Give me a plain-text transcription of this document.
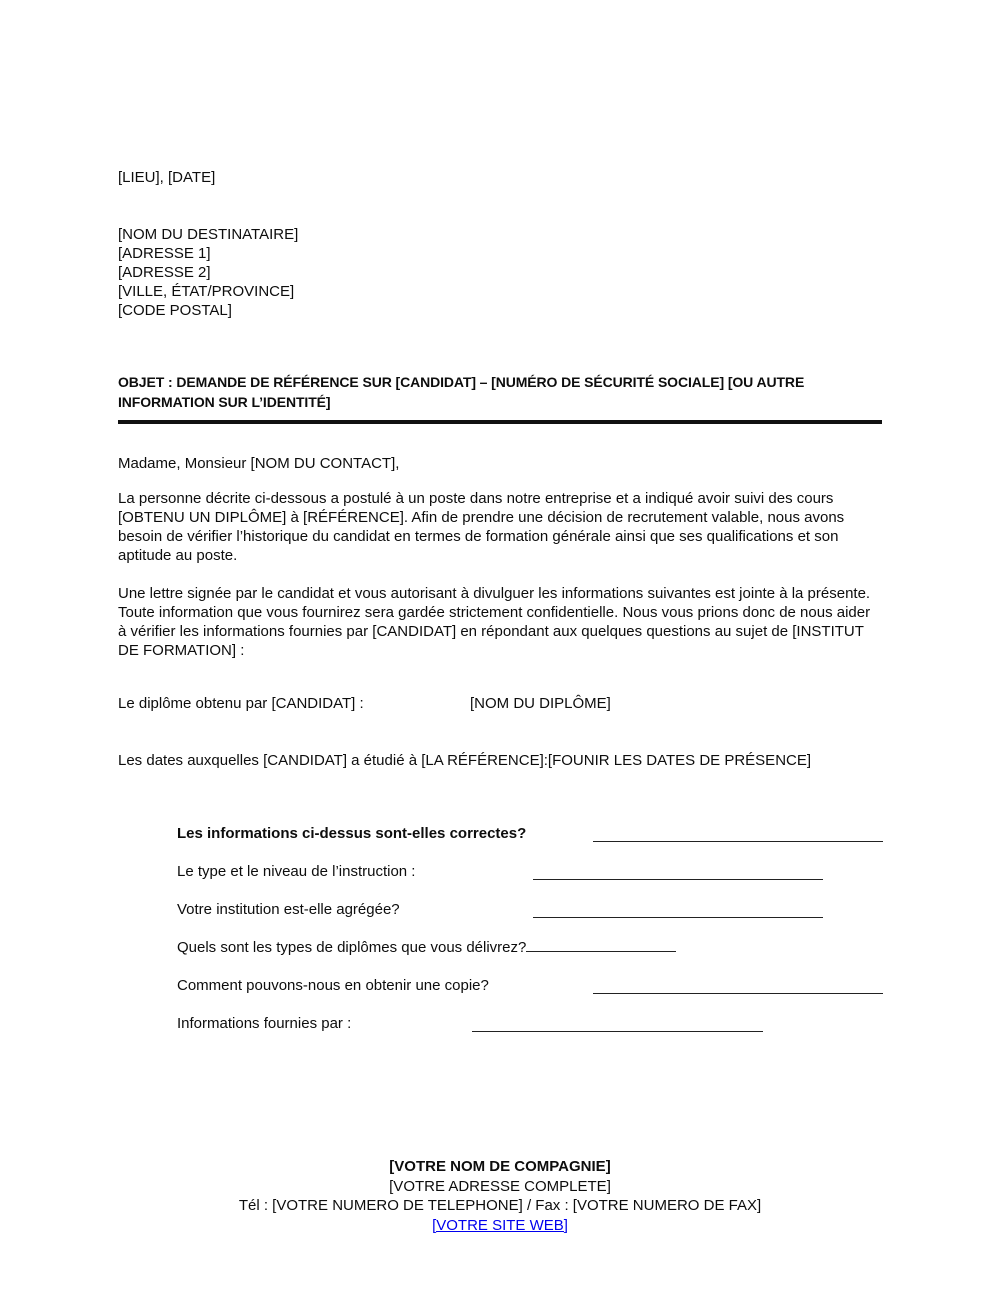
[LIEU], [DATE]
[NOM DU DESTINATAIRE]
[ADRESSE 1]
[ADRESSE 2]
[VILLE, ÉTAT/PROVINCE]
[CODE POSTAL]
OBJET : DEMANDE DE RÉFÉRENCE SUR [CANDIDAT] – [NUMÉRO DE SÉCURITÉ SOCIALE] [OU AUTRE INFORMATION SUR L’IDENTITÉ]
Madame, Monsieur [NOM DU CONTACT],

La personne décrite ci-dessous a postulé à un poste dans notre entreprise et a indiqué avoir suivi des cours [OBTENU UN DIPLÔME] à [RÉFÉRENCE]. Afin de prendre une décision de recrutement valable, nous avons besoin de vérifier l’historique du candidat en termes de formation générale ainsi que ses qualifications et son aptitude au poste.

Une lettre signée par le candidat et vous autorisant à divulguer les informations suivantes est jointe à la présente. Toute information que vous fournirez sera gardée strictement confidentielle. Nous vous prions donc de nous aider à vérifier les informations fournies par [CANDIDAT] en répondant aux quelques questions au sujet de [INSTITUT DE FORMATION] :

Le diplôme obtenu par [CANDIDAT] :	[NOM DU DIPLÔME]
Les dates auxquelles [CANDIDAT] a étudié à [LA RÉFÉRENCE]:[FOUNIR LES DATES DE PRÉSENCE]
Les informations ci-dessus sont-elles correctes?
Le type et le niveau de l’instruction :
Votre institution est-elle agrégée?
Quels sont les types de diplômes que vous délivrez?
Comment pouvons-nous en obtenir une copie?
Informations fournies par :
[VOTRE NOM DE COMPAGNIE]
[VOTRE ADRESSE COMPLETE]
Tél : [VOTRE NUMERO DE TELEPHONE] / Fax : [VOTRE NUMERO DE FAX]
[VOTRE SITE WEB]
